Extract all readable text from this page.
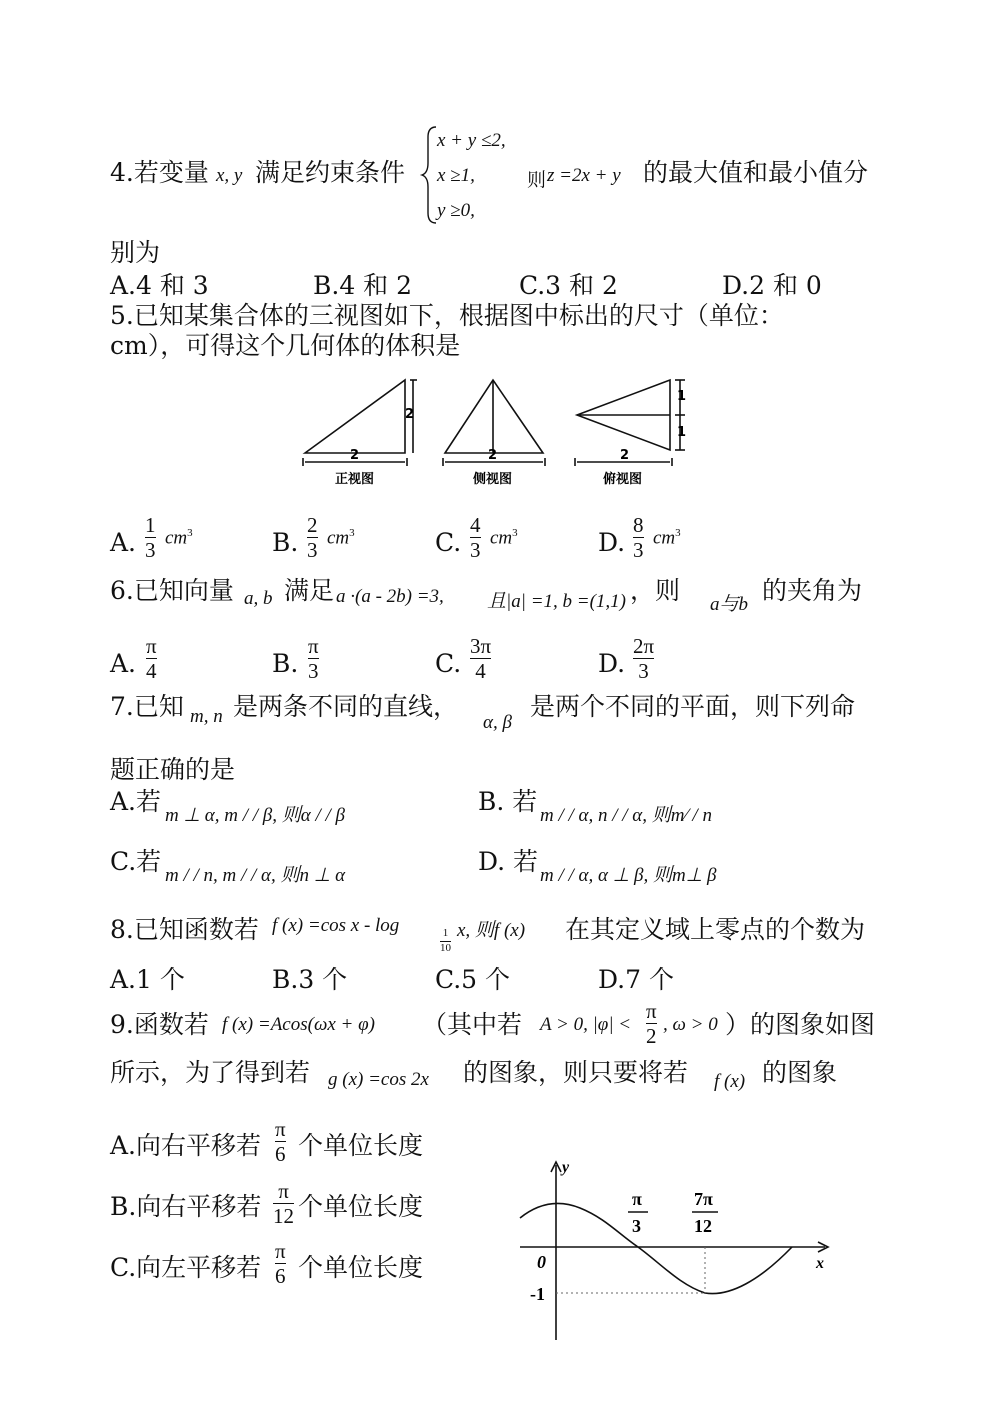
4.若变量 x, y 满足约束条件
x + y ≤2,
x ≥1,
y ≥0,
则 z =2x + y 的最大值和最小值分
别为
A.4 和 3	B.4 和 2	C.3 和 2	D.2 和 0
5.已知某集合体的三视图如下，根据图中标出的尺寸（单位：
cm），可得这个几何体的体积是
2
2
2	2
1
1
正视图	侧视图	俯视图
A.
1
3
$cm^3$	B.
2
3
$cm^3$	C.
4
3
$cm^3$	D.
8
3
$cm^3$
6.已知向量 a, b 满足 a ·(a - 2b) =3, 且|a| =1, b =(1,1) ，则 a与b 的夹角为
A.
π
4	B.
π
3	C.
3π
4	D.
2π
3
7.已知 m, n 是两条不同的直线，
α, β
是两个不同的平面，则下列命
题正确的是
A.若 m ⊥ α, m / / β, 则α / / β	B. 若 m / / α, n / / α, 则m⁄ / n
C.若 m / / n, m / / α, 则n ⊥ α	D. 若 m / / α, α ⊥ β, 则m⊥ β
8.已知函数若 f (x) =cos x - log	1
10
x, 则f (x) 在其定义域上零点的个数为
A.1 个	B.3 个	C.5 个	D.7 个
9.函数若 f (x) =Acos(ωx + φ) （其中若 A > 0, |φ| <
π
2 , ω > 0 ）的图象如图
所示，为了得到若 g (x) =cos 2x 的图象，则只要将若 f (x) 的图象
A.向右平移若
π
6 个单位长度
B.向右平移若
π
12 个单位长度
C.向左平移若
π
6 个单位长度
y
x
0
-1
π
3
7π
12
